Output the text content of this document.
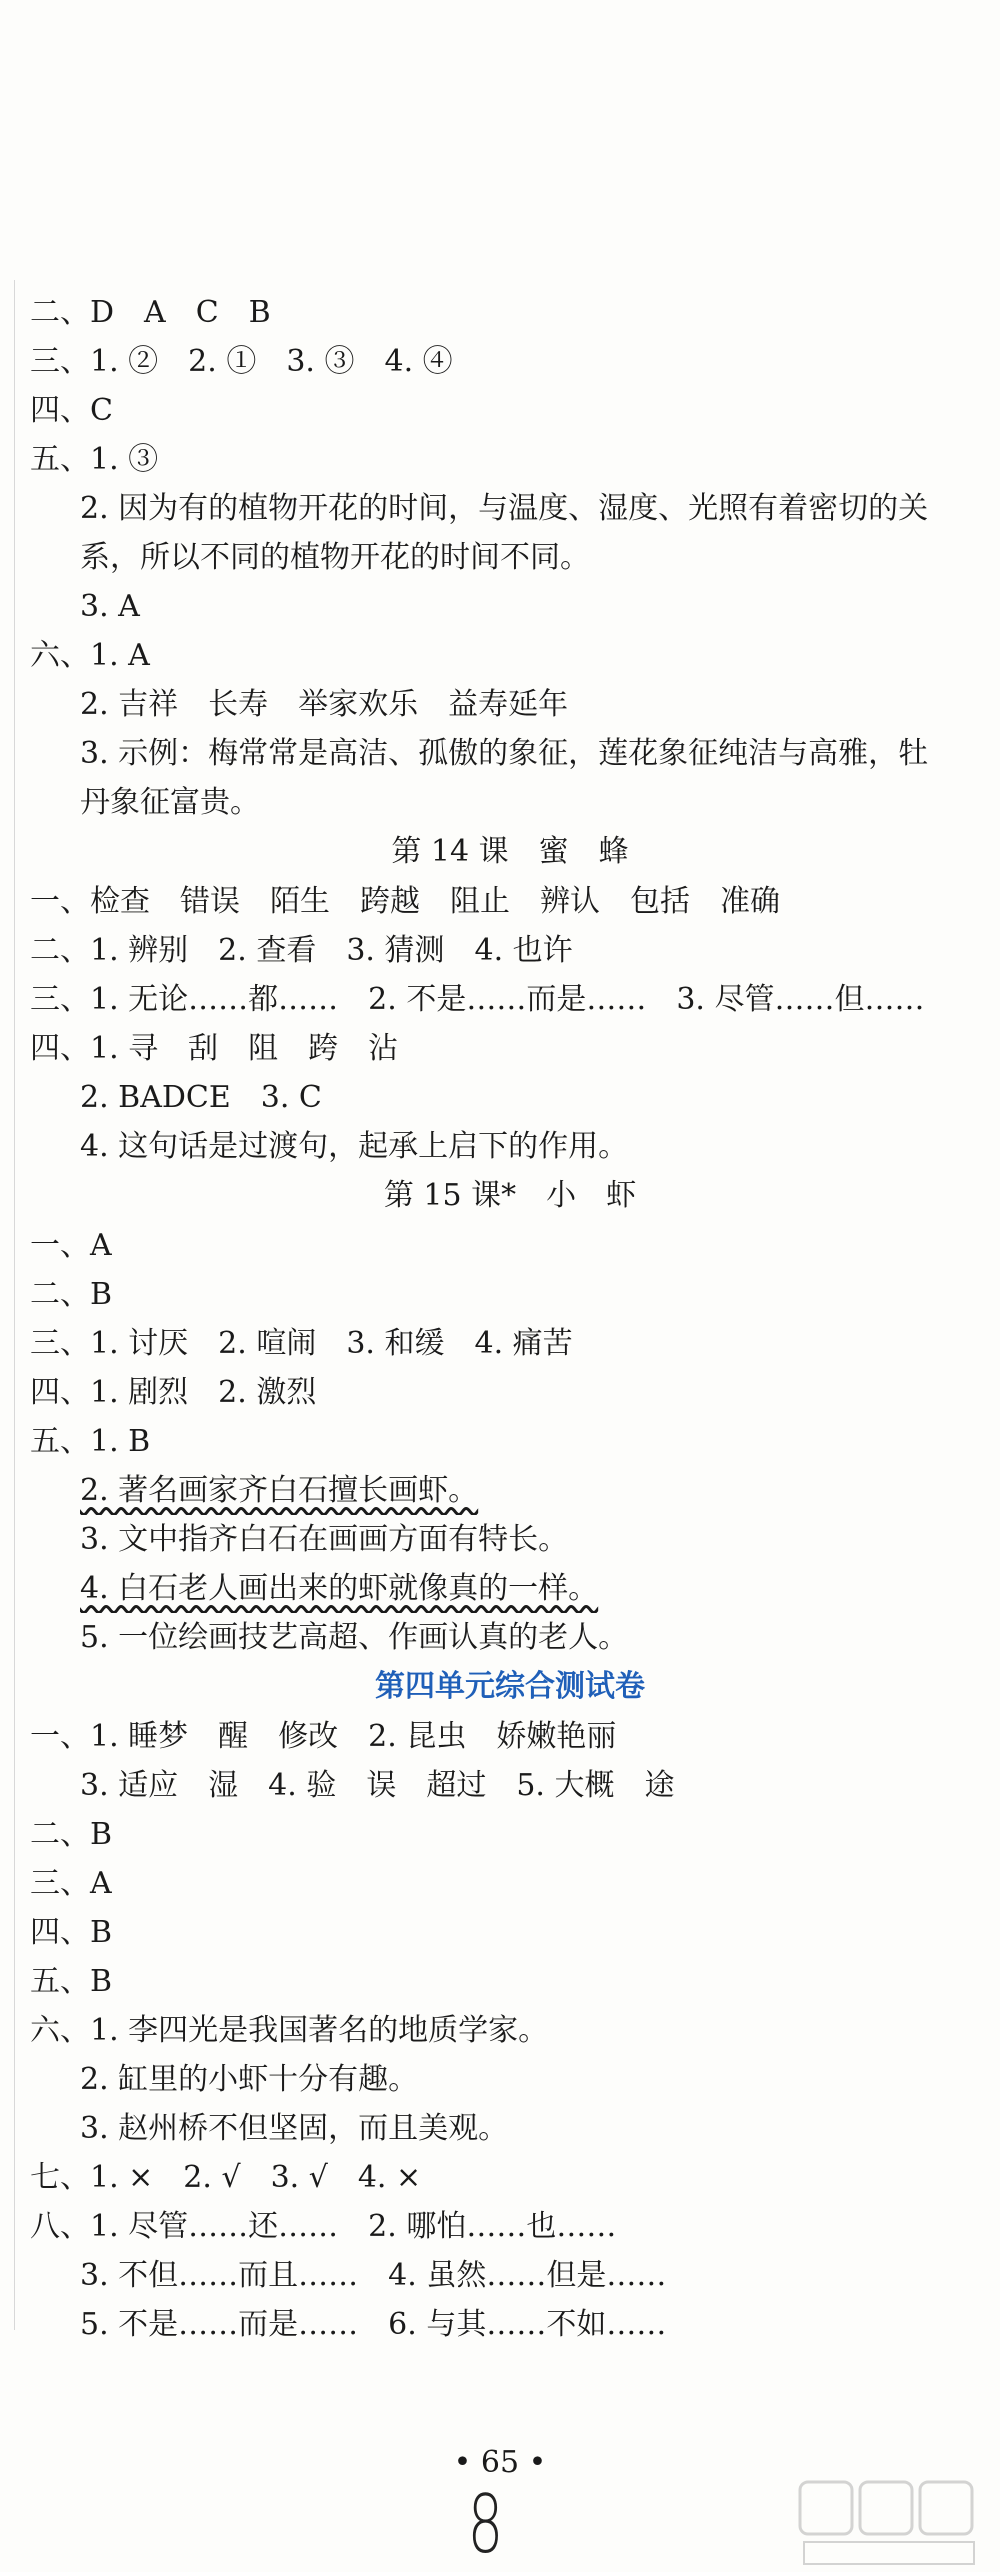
二、D　A　C　B
三、1. ②　2. ①　3. ③　4. ④
四、C
五、1. ③
2. 因为有的植物开花的时间，与温度、湿度、光照有着密切的关
系，所以不同的植物开花的时间不同。
3. A
六、1. A
2. 吉祥　长寿　举家欢乐　益寿延年
3. 示例：梅常常是高洁、孤傲的象征，莲花象征纯洁与高雅，牡
丹象征富贵。
第 14 课　蜜　蜂
一、检查　错误　陌生　跨越　阻止　辨认　包括　准确
二、1. 辨别　2. 查看　3. 猜测　4. 也许
三、1. 无论……都……　2. 不是……而是……　3. 尽管……但……
四、1. 寻　刮　阻　跨　沾
2. BADCE　3. C
4. 这句话是过渡句，起承上启下的作用。
第 15 课*　小　虾
一、A
二、B
三、1. 讨厌　2. 喧闹　3. 和缓　4. 痛苦
四、1. 剧烈　2. 激烈
五、1. B
2. 著名画家齐白石擅长画虾。
3. 文中指齐白石在画画方面有特长。
4. 白石老人画出来的虾就像真的一样。
5. 一位绘画技艺高超、作画认真的老人。
第四单元综合测试卷
一、1. 睡梦　醒　修改　2. 昆虫　娇嫩艳丽
3. 适应　湿　4. 验　误　超过　5. 大概　途
二、B
三、A
四、B
五、B
六、1. 李四光是我国著名的地质学家。
2. 缸里的小虾十分有趣。
3. 赵州桥不但坚固，而且美观。
七、1. ×　2. √　3. √　4. ×
八、1. 尽管……还……　2. 哪怕……也……
3. 不但……而且……　4. 虽然……但是……
5. 不是……而是……　6. 与其……不如……
• 65 •
8
